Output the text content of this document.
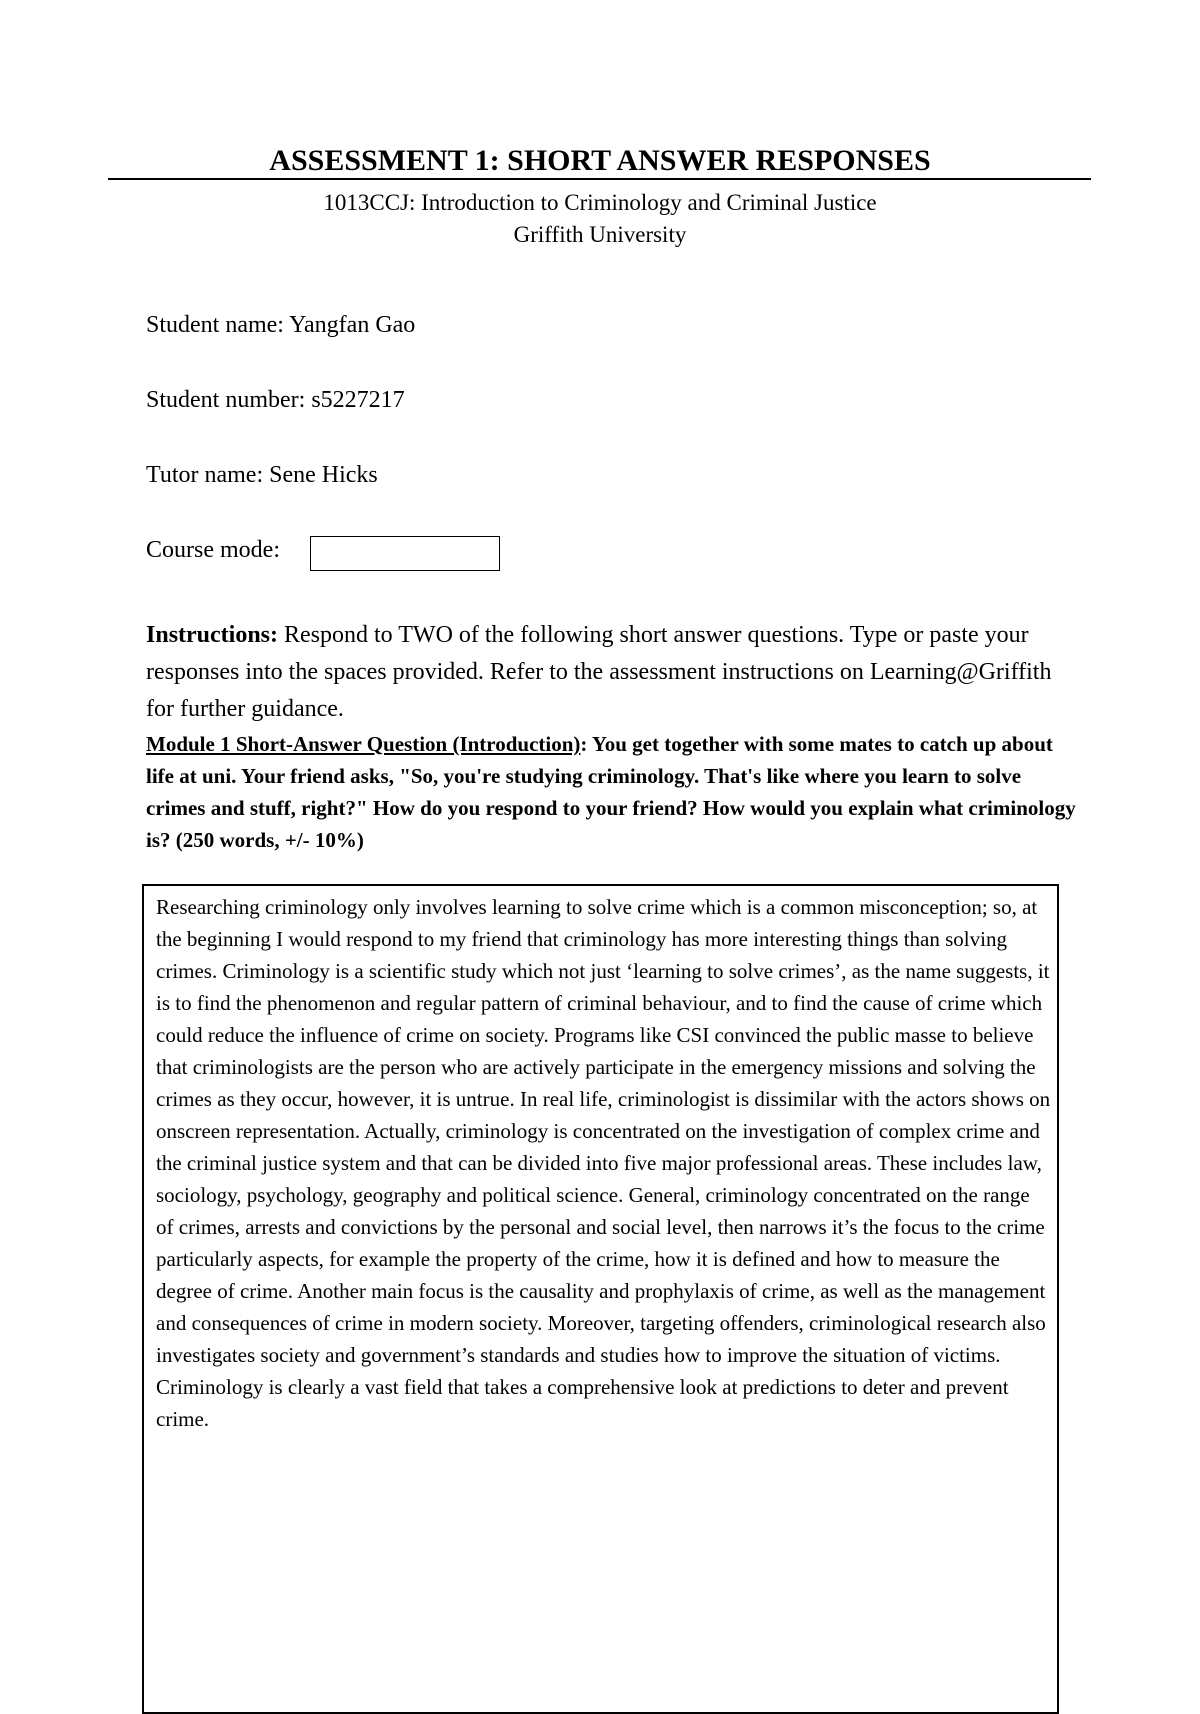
ASSESSMENT 1: SHORT ANSWER RESPONSES
1013CCJ: Introduction to Criminology and Criminal Justice
Griffith University
Student name: Yangfan Gao
Student number: s5227217
Tutor name: Sene Hicks
Course mode:
Instructions: Respond to TWO of the following short answer questions. Type or paste your responses into the spaces provided. Refer to the assessment instructions on Learning@Griffith for further guidance.
Module 1 Short-Answer Question (Introduction): You get together with some mates to catch up about life at uni. Your friend asks, "So, you're studying criminology. That's like where you learn to solve crimes and stuff, right?" How do you respond to your friend? How would you explain what criminology is? (250 words, +/- 10%)
Researching criminology only involves learning to solve crime which is a common misconception; so, at the beginning I would respond to my friend that criminology has more interesting things than solving crimes. Criminology is a scientific study which not just ‘learning to solve crimes’, as the name suggests, it is to find the phenomenon and regular pattern of criminal behaviour, and to find the cause of crime which could reduce the influence of crime on society. Programs like CSI convinced the public masse to believe that criminologists are the person who are actively participate in the emergency missions and solving the crimes as they occur, however, it is untrue. In real life, criminologist is dissimilar with the actors shows on onscreen representation. Actually, criminology is concentrated on the investigation of complex crime and the criminal justice system and that can be divided into five major professional areas. These includes law, sociology, psychology, geography and political science. General, criminology concentrated on the range of crimes, arrests and convictions by the personal and social level, then narrows it’s the focus to the crime particularly aspects, for example the property of the crime, how it is defined and how to measure the degree of crime. Another main focus is the causality and prophylaxis of crime, as well as the management and consequences of crime in modern society. Moreover, targeting offenders, criminological research also investigates society and government’s standards and studies how to improve the situation of victims. Criminology is clearly a vast field that takes a comprehensive look at predictions to deter and prevent crime.
